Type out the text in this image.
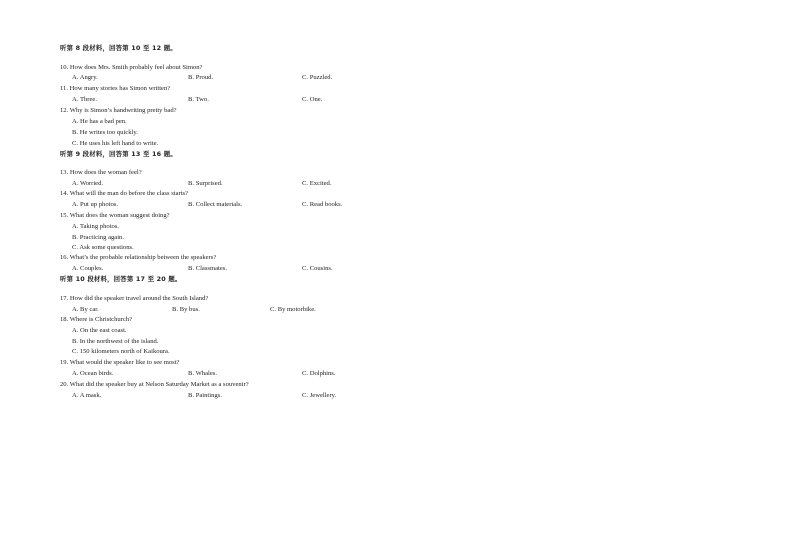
听第 8 段材料，回答第 10 至 12 题。
10. How does Mrs. Smith probably feel about Simon?
A. Angry.	B. Proud.	C. Puzzled.
11. How many stories has Simon written?
A. Three.	B. Two.	C. One.
12. Why is Simon’s handwriting pretty bad?
A. He has a bad pen.
B. He writes too quickly.
C. He uses his left hand to write.
听第 9 段材料，回答第 13 至 16 题。
13. How does the woman feel?
A. Worried.	B. Surprised.	C. Excited.
14. What will the man do before the class starts?
A. Put up photos.	B. Collect materials.	C. Read books.
15. What does the woman suggest doing?
A. Taking photos.
B. Practicing again.
C. Ask some questions.
16. What’s the probable relationship between the speakers?
A. Couples.	B. Classmates.	C. Cousins.
听第 10 段材料，回答第 17 至 20 题。
17. How did the speaker travel around the South Island?
A. By car.	B. By bus.	C. By motorbike.
18. Where is Christchurch?
A. On the east coast.
B. In the northwest of the island.
C. 150 kilometers north of Kaikoura.
19. What would the speaker like to see most?
A. Ocean birds.	B. Whales.	C. Dolphins.
20. What did the speaker buy at Nelson Saturday Market as a souvenir?
A. A mask.	B. Paintings.	C. Jewellery.
